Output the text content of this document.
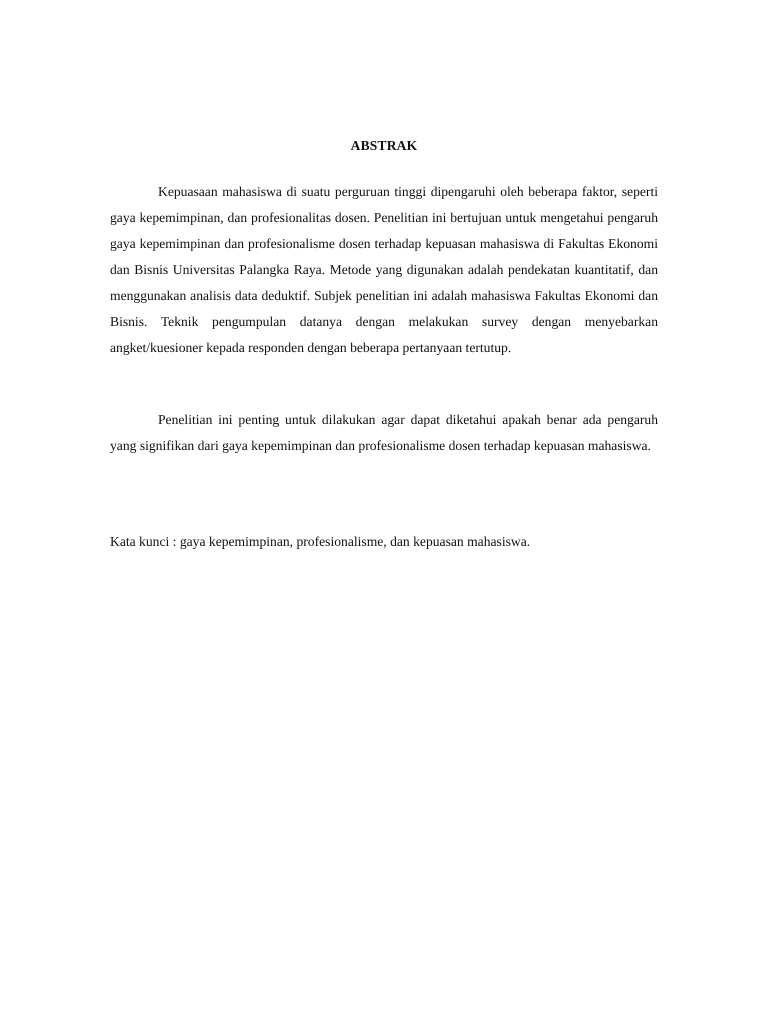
ABSTRAK

Kepuasaan mahasiswa di suatu perguruan tinggi dipengaruhi oleh beberapa faktor, seperti gaya kepemimpinan, dan profesionalitas dosen. Penelitian ini bertujuan untuk mengetahui pengaruh gaya kepemimpinan dan profesionalisme dosen terhadap kepuasan mahasiswa di Fakultas Ekonomi dan Bisnis Universitas Palangka Raya. Metode yang digunakan adalah pendekatan kuantitatif, dan menggunakan analisis data deduktif. Subjek penelitian ini adalah mahasiswa Fakultas Ekonomi dan Bisnis. Teknik pengumpulan datanya dengan melakukan survey dengan menyebarkan angket/kuesioner kepada responden dengan beberapa pertanyaan tertutup.

Penelitian ini penting untuk dilakukan agar dapat diketahui apakah benar ada pengaruh yang signifikan dari gaya kepemimpinan dan profesionalisme dosen terhadap kepuasan mahasiswa.

Kata kunci : gaya kepemimpinan, profesionalisme, dan kepuasan mahasiswa.
